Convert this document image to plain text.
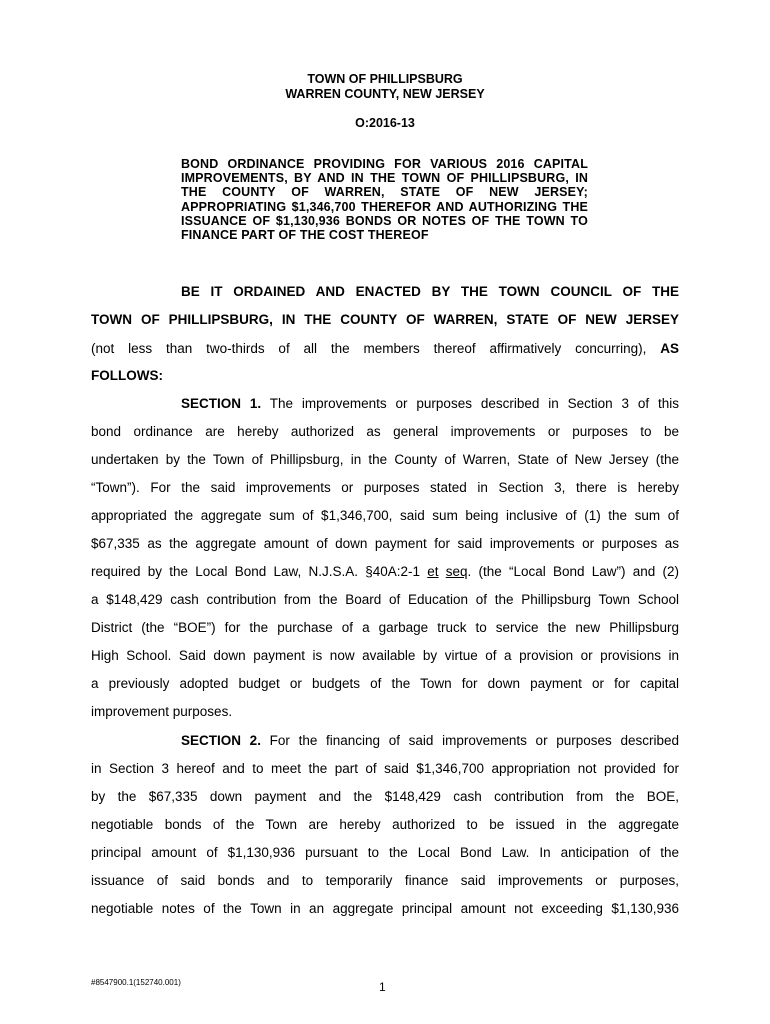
TOWN OF PHILLIPSBURG
WARREN COUNTY, NEW JERSEY
O:2016-13
BOND ORDINANCE PROVIDING FOR VARIOUS 2016 CAPITAL IMPROVEMENTS, BY AND IN THE TOWN OF PHILLIPSBURG, IN THE COUNTY OF WARREN, STATE OF NEW JERSEY; APPROPRIATING $1,346,700 THEREFOR AND AUTHORIZING THE ISSUANCE OF $1,130,936 BONDS OR NOTES OF THE TOWN TO FINANCE PART OF THE COST THEREOF
BE IT ORDAINED AND ENACTED BY THE TOWN COUNCIL OF THE
TOWN OF PHILLIPSBURG, IN THE COUNTY OF WARREN, STATE OF NEW JERSEY
(not less than two-thirds of all the members thereof affirmatively concurring), AS
FOLLOWS:
SECTION 1. The improvements or purposes described in Section 3 of this
bond ordinance are hereby authorized as general improvements or purposes to be
undertaken by the Town of Phillipsburg, in the County of Warren, State of New Jersey (the
“Town”). For the said improvements or purposes stated in Section 3, there is hereby
appropriated the aggregate sum of $1,346,700, said sum being inclusive of (1) the sum of
$67,335 as the aggregate amount of down payment for said improvements or purposes as
required by the Local Bond Law, N.J.S.A. §40A:2-1 et seq. (the “Local Bond Law”) and (2)
a $148,429 cash contribution from the Board of Education of the Phillipsburg Town School
District (the “BOE”) for the purchase of a garbage truck to service the new Phillipsburg
High School. Said down payment is now available by virtue of a provision or provisions in
a previously adopted budget or budgets of the Town for down payment or for capital
improvement purposes.
SECTION 2. For the financing of said improvements or purposes described
in Section 3 hereof and to meet the part of said $1,346,700 appropriation not provided for
by the $67,335 down payment and the $148,429 cash contribution from the BOE,
negotiable bonds of the Town are hereby authorized to be issued in the aggregate
principal amount of $1,130,936 pursuant to the Local Bond Law. In anticipation of the
issuance of said bonds and to temporarily finance said improvements or purposes,
negotiable notes of the Town in an aggregate principal amount not exceeding $1,130,936
#8547900.1(152740.001)	1
